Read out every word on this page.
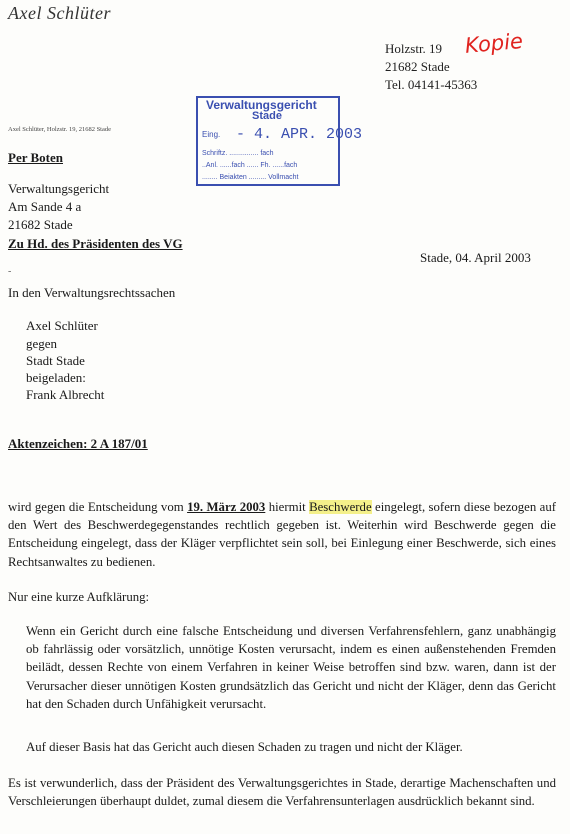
Axel Schlüter
Holzstr. 19
21682 Stade
Tel. 04141-45363
Kopie
Verwaltungsgericht
Stade
Eing. - 4. APR. 2003
Schriftz. ............... fach
..Anl. ......fach ...... Fh. ......fach
........ Beiakten ......... Vollmacht
Axel Schlüter, Holzstr. 19, 21682 Stade
Per Boten
Verwaltungsgericht
Am Sande 4 a
21682 Stade
Zu Hd. des Präsidenten des VG
Stade, 04. April 2003
-
In den Verwaltungsrechtssachen
Axel Schlüter
gegen
Stadt Stade
beigeladen:
Frank Albrecht
Aktenzeichen: 2 A 187/01
wird gegen die Entscheidung vom 19. März 2003 hiermit Beschwerde eingelegt, sofern diese bezogen auf den Wert des Beschwerdegegenstandes rechtlich gegeben ist. Weiterhin wird Beschwerde gegen die Entscheidung eingelegt, dass der Kläger verpflichtet sein soll, bei Einlegung einer Beschwerde, sich eines Rechtsanwaltes zu bedienen.
Nur eine kurze Aufklärung:
Wenn ein Gericht durch eine falsche Entscheidung und diversen Verfahrensfehlern, ganz unabhängig ob fahrlässig oder vorsätzlich, unnötige Kosten verursacht, indem es einen außenstehenden Fremden beilädt, dessen Rechte von einem Verfahren in keiner Weise betroffen sind bzw. waren, dann ist der Verursacher dieser unnötigen Kosten grundsätzlich das Gericht und nicht der Kläger, denn das Gericht hat den Schaden durch Unfähigkeit verursacht.
Auf dieser Basis hat das Gericht auch diesen Schaden zu tragen und nicht der Kläger.
Es ist verwunderlich, dass der Präsident des Verwaltungsgerichtes in Stade, derartige Machenschaften und Verschleierungen überhaupt duldet, zumal diesem die Verfahrensunterlagen ausdrücklich bekannt sind.
